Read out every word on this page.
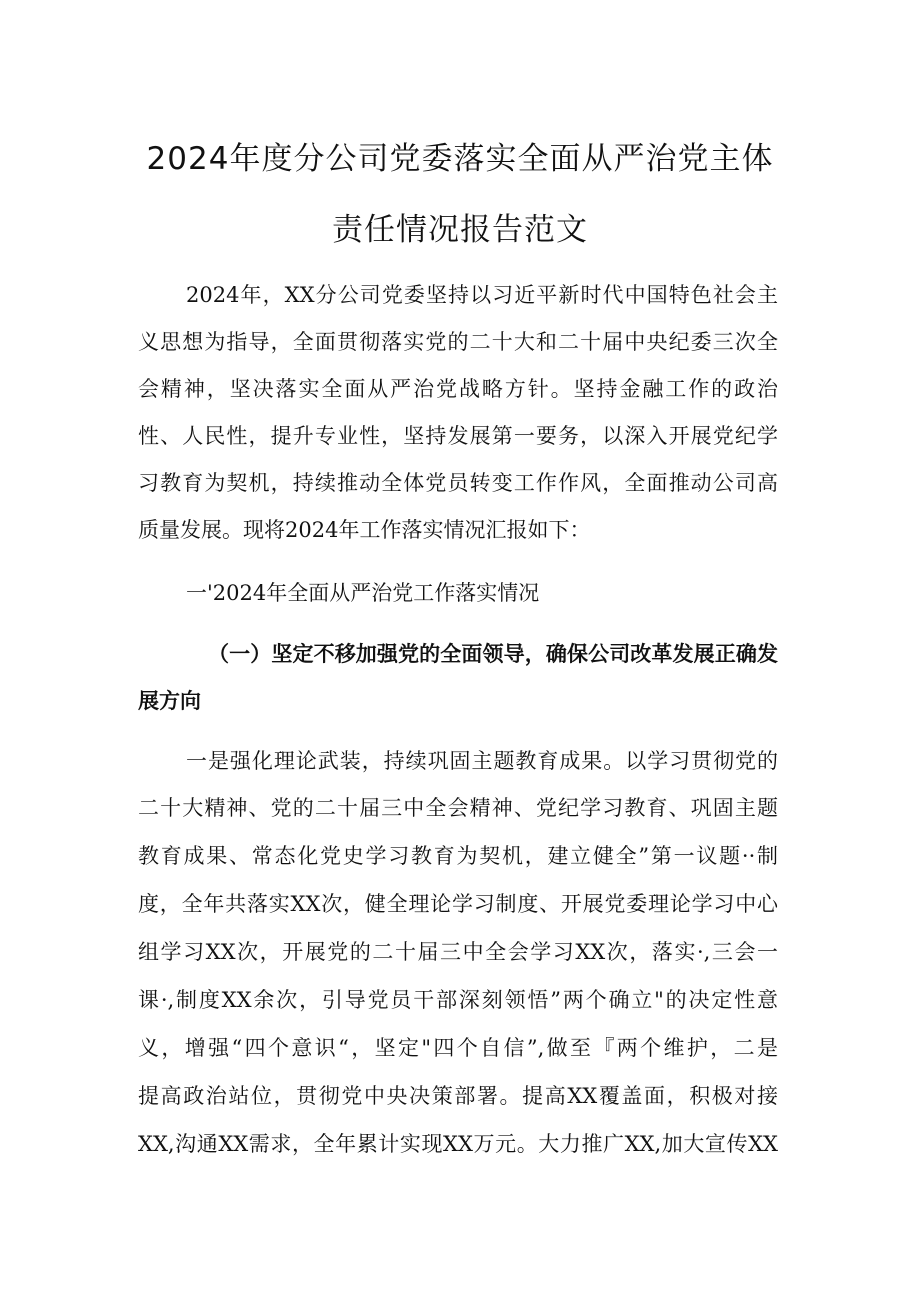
2024年度分公司党委落实全面从严治党主体
责任情况报告范文
2024年，XX分公司党委坚持以习近平新时代中国特色社会主
义思想为指导，全面贯彻落实党的二十大和二十届中央纪委三次全
会精神，坚决落实全面从严治党战略方针。坚持金融工作的政治
性、人民性，提升专业性，坚持发展第一要务，以深入开展党纪学
习教育为契机，持续推动全体党员转变工作作风，全面推动公司高
质量发展。现将2024年工作落实情况汇报如下：
一'2024年全面从严治党工作落实情况
（一）坚定不移加强党的全面领导，确保公司改革发展正确发
展方向
一是强化理论武装，持续巩固主题教育成果。以学习贯彻党的
二十大精神、党的二十届三中全会精神、党纪学习教育、巩固主题
教育成果、常态化党史学习教育为契机，建立健全”第一议题··制
度，全年共落实XX次，健全理论学习制度、开展党委理论学习中心
组学习XX次，开展党的二十届三中全会学习XX次，落实·,三会一
课·,制度XX余次，引导党员干部深刻领悟”两个确立"的决定性意
义，增强“四个意识“，坚定"四个自信”,做至『两个维护，二是
提高政治站位，贯彻党中央决策部署。提高XX覆盖面，积极对接
XX,沟通XX需求，全年累计实现XX万元。大力推广XX,加大宣传XX
